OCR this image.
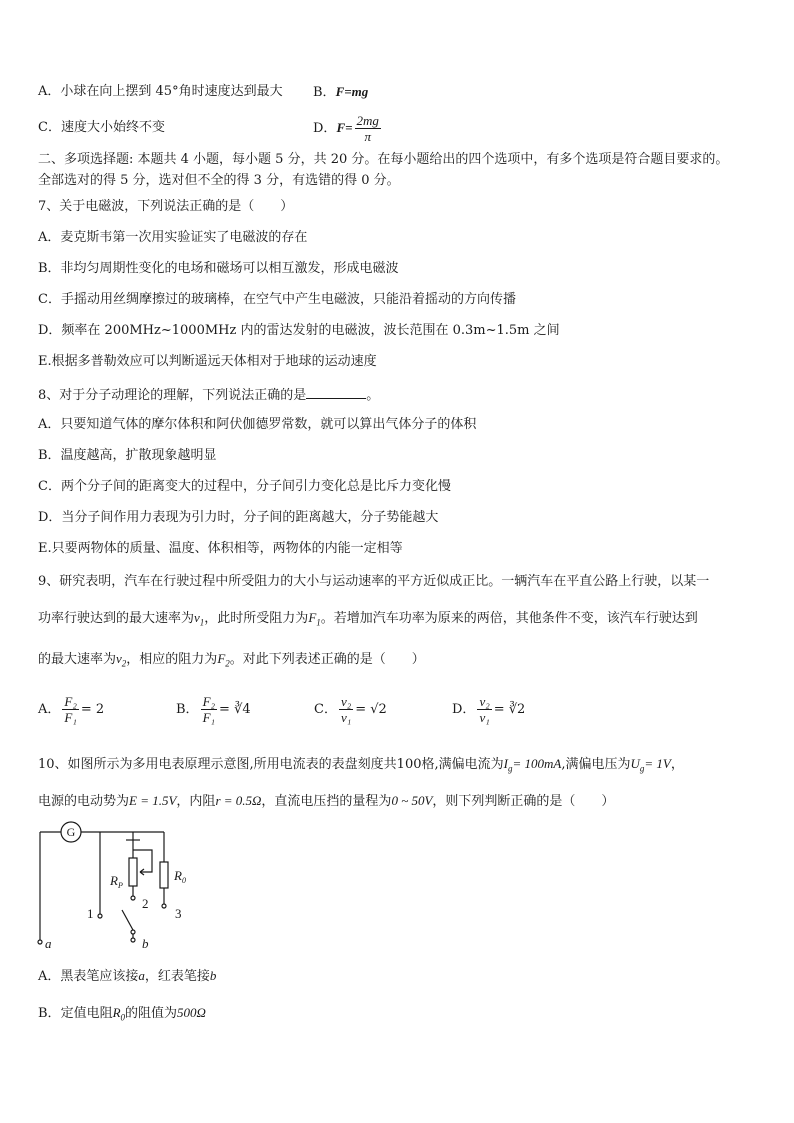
A．小球在向上摆到 45°角时速度达到最大 B．F=mg
C．速度大小始终不变	D．$F= \frac{2mg}{\pi}$
二、多项选择题: 本题共 4 小题，每小题 5 分，共 20 分。在每小题给出的四个选项中，有多个选项是符合题目要求的。
全部选对的得 5 分，选对但不全的得 3 分，有选错的得 0 分。
7、关于电磁波，下列说法正确的是（　　）
A．麦克斯韦第一次用实验证实了电磁波的存在
B．非均匀周期性变化的电场和磁场可以相互激发，形成电磁波
C．手摇动用丝绸摩擦过的玻璃棒，在空气中产生电磁波，只能沿着摇动的方向传播
D．频率在 200MHz~1000MHz 内的雷达发射的电磁波，波长范围在 0.3m~1.5m 之间
E.根据多普勒效应可以判断遥远天体相对于地球的运动速度
8、对于分子动理论的理解，下列说法正确的是	。
A．只要知道气体的摩尔体积和阿伏伽德罗常数，就可以算出气体分子的体积
B．温度越高，扩散现象越明显
C．两个分子间的距离变大的过程中，分子间引力变化总是比斥力变化慢
D．当分子间作用力表现为引力时，分子间的距离越大，分子势能越大
E.只要两物体的质量、温度、体积相等，两物体的内能一定相等
9、研究表明，汽车在行驶过程中所受阻力的大小与运动速率的平方近似成正比。一辆汽车在平直公路上行驶，以某一
功率行驶达到的最大速率为$v_1$，此时所受阻力为$F_1$。若增加汽车功率为原来的两倍，其他条件不变，该汽车行驶达到
的最大速率为$v_2$，相应的阻力为$F_2$。对此下列表述正确的是（　　）
A． $\frac{\text{F₂}}{\text{F₁}} = 2$	B． $\frac{\text{F₂}}{\text{F₁}}$ = ∛4	C． $\frac{\text{v₂}}{\text{v₁}} = √2$	D． $\frac{\text{v₂}}{\text{v₁}}$ = ∛2
10、如图所示为多用电表原理示意图,所用电流表的表盘刻度共100格,满偏电流为$I_g= 100mA$,满偏电压为$U_g= 1V$，
电源的电动势为E = 1.5V，内阻r = 0.5Ω，直流电压挡的量程为0 ~ 50V，则下列判断正确的是（　　）
G
$R_P$
$R_0$
1
2
3
a	b
A．黑表笔应该接a，红表笔接b
B．定值电阻$R_0$的阻值为500Ω
